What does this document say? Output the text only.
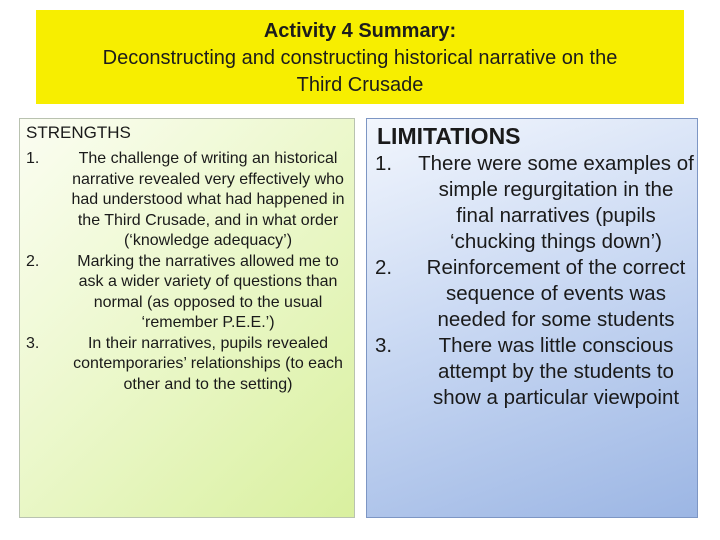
Activity 4 Summary:
Deconstructing and constructing historical narrative on the
Third Crusade
STRENGTHS
1.	The challenge of writing an historical narrative revealed very effectively who had understood what had happened in the Third Crusade, and in what order (‘knowledge adequacy’)
2.	Marking the narratives allowed me to ask a wider variety of questions than normal (as opposed to the usual ‘remember P.E.E.’)
3.	In their narratives, pupils revealed contemporaries’ relationships (to each other and to the setting)
LIMITATIONS
1.	There were some examples of simple regurgitation in the final narratives (pupils ‘chucking things down’)
2.	Reinforcement of the correct sequence of events was needed for some students
3.	There was little conscious attempt by the students to show a particular viewpoint
